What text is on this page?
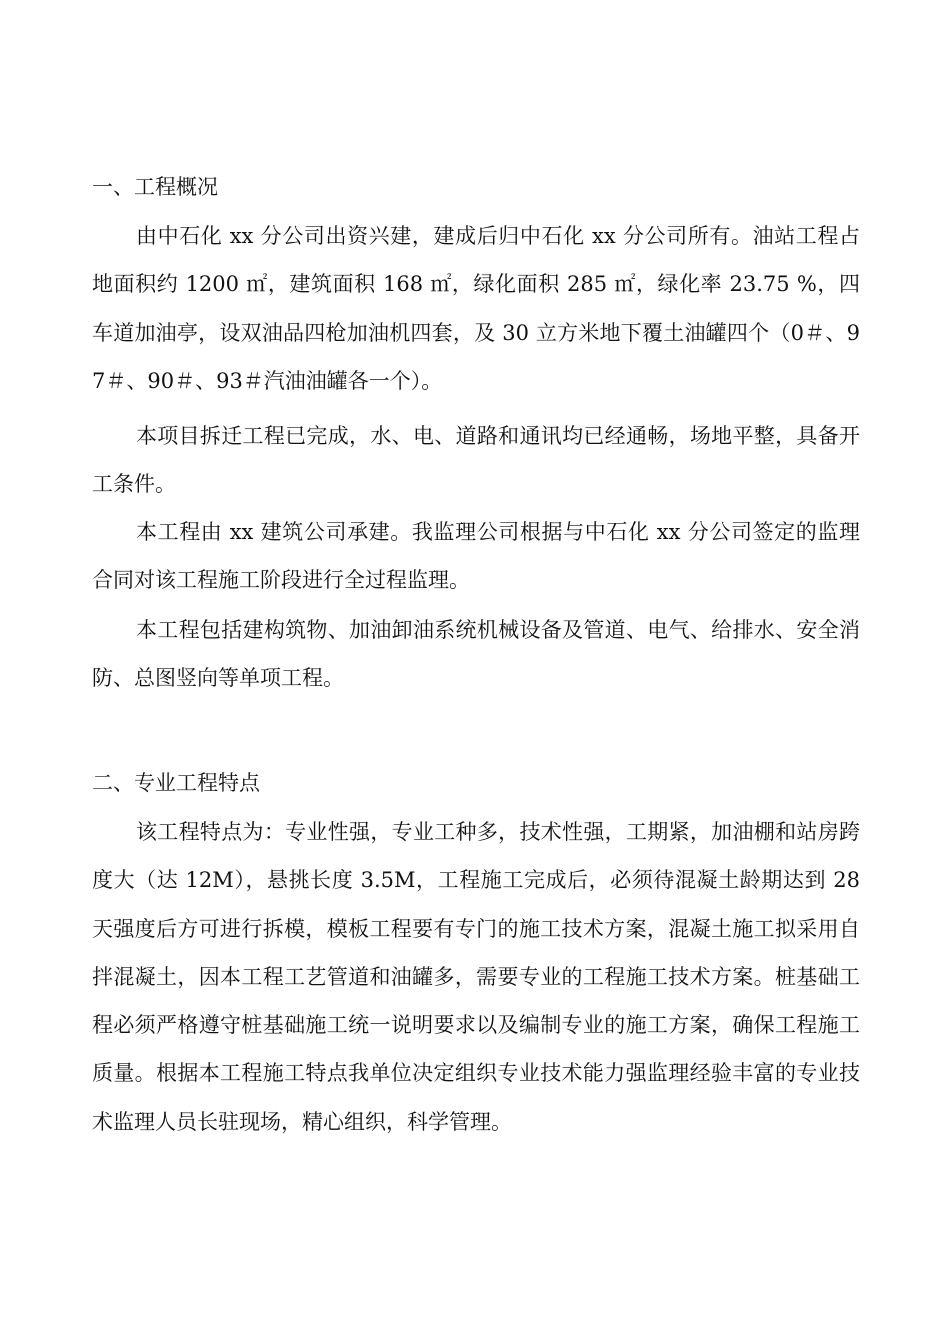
一、工程概况

由中石化 xx 分公司出资兴建，建成后归中石化 xx 分公司所有。油站工程占地面积约 1200 ㎡，建筑面积 168 ㎡，绿化面积 285 ㎡，绿化率 23.75 %，四车道加油亭，设双油品四枪加油机四套，及 30 立方米地下覆土油罐四个（0＃、97＃、90＃、93＃汽油油罐各一个）。

本项目拆迁工程已完成，水、电、道路和通讯均已经通畅，场地平整，具备开工条件。

本工程由 xx 建筑公司承建。我监理公司根据与中石化 xx 分公司签定的监理合同对该工程施工阶段进行全过程监理。

本工程包括建构筑物、加油卸油系统机械设备及管道、电气、给排水、安全消防、总图竖向等单项工程。

二、专业工程特点

该工程特点为：专业性强，专业工种多，技术性强，工期紧，加油棚和站房跨度大（达 12M），悬挑长度 3.5M，工程施工完成后，必须待混凝土龄期达到 28 天强度后方可进行拆模，模板工程要有专门的施工技术方案，混凝土施工拟采用自拌混凝土，因本工程工艺管道和油罐多，需要专业的工程施工技术方案。桩基础工程必须严格遵守桩基础施工统一说明要求以及编制专业的施工方案，确保工程施工质量。根据本工程施工特点我单位决定组织专业技术能力强监理经验丰富的专业技术监理人员长驻现场，精心组织，科学管理。
